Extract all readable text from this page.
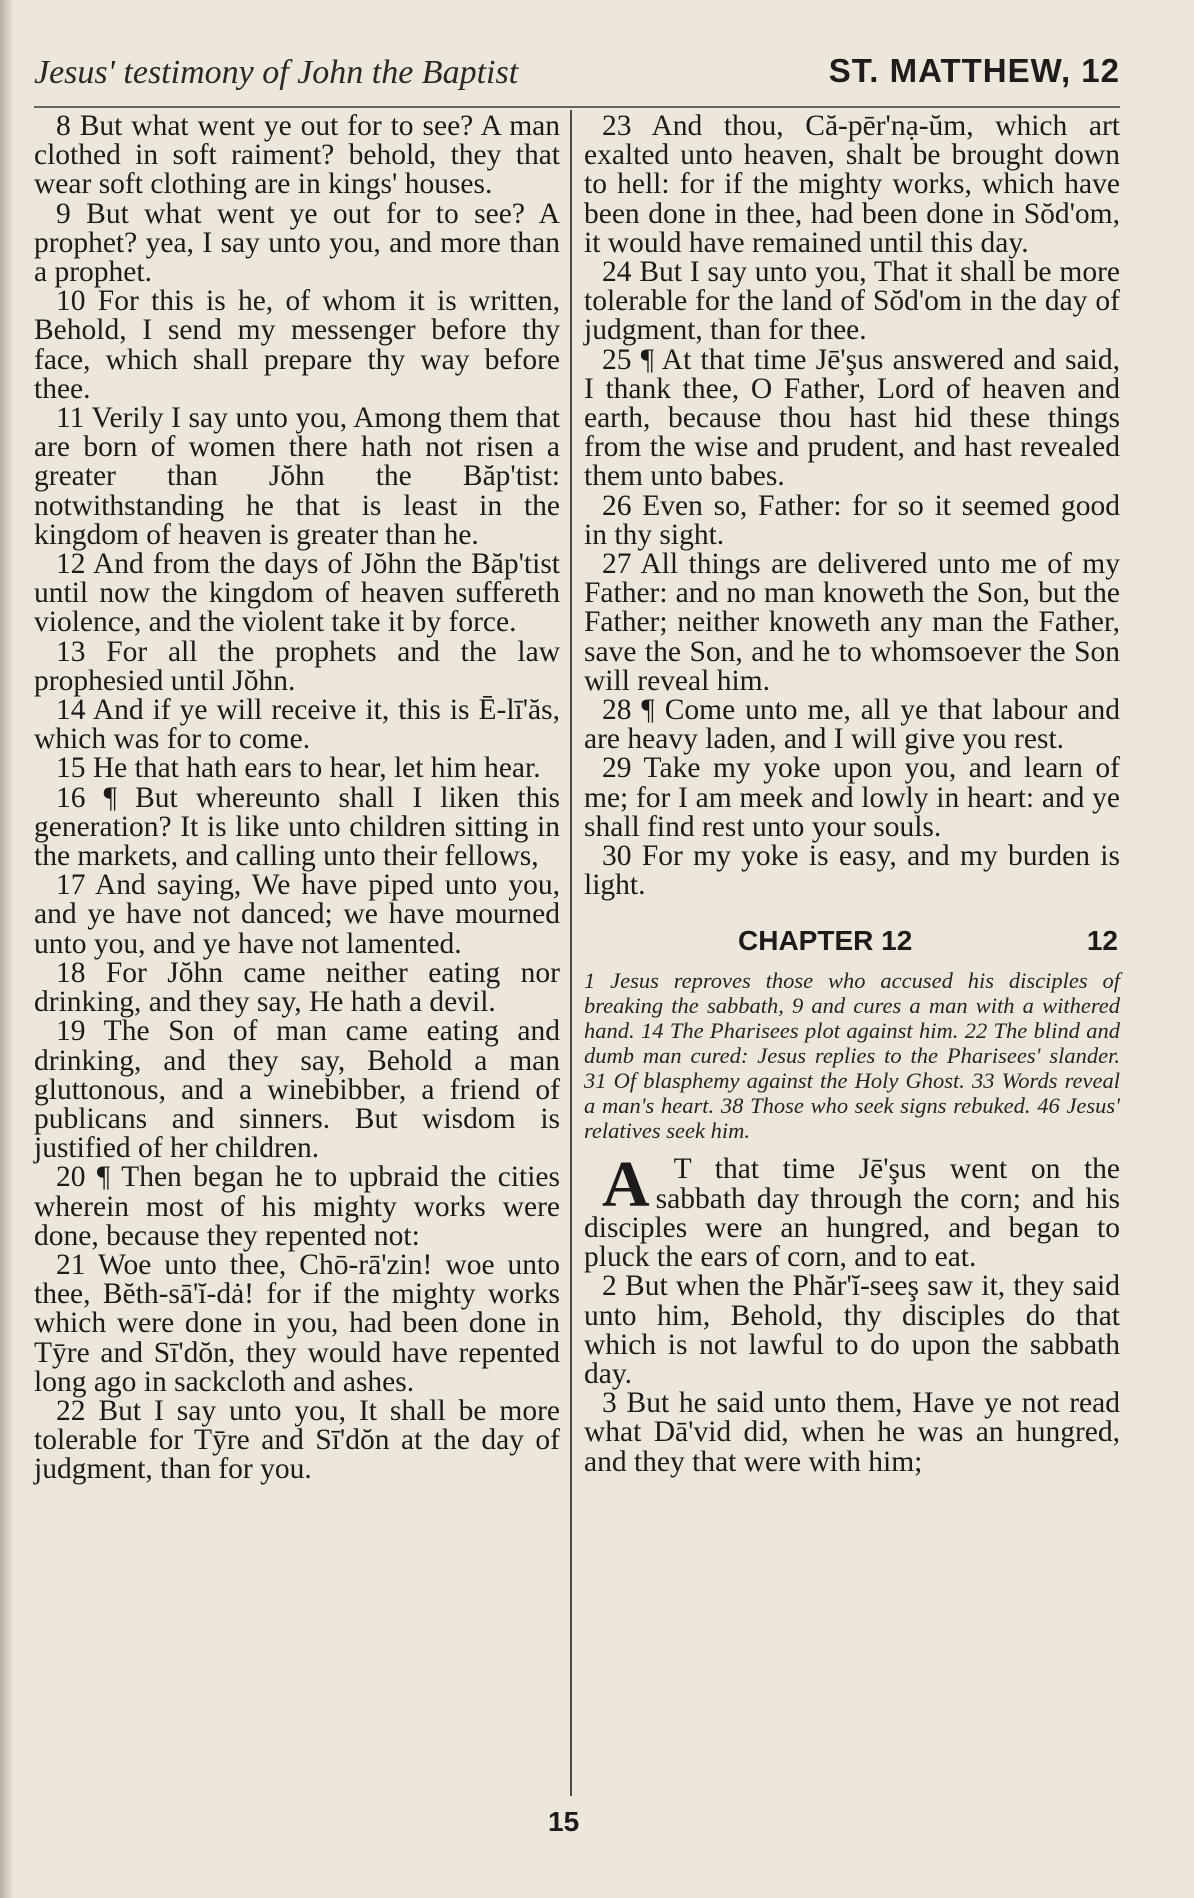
Jesus' testimony of John the Baptist	ST. MATTHEW, 12

8 But what went ye out for to see? A man clothed in soft raiment? behold, they that wear soft clothing are in kings' houses.

9 But what went ye out for to see? A prophet? yea, I say unto you, and more than a prophet.

10 For this is he, of whom it is written, Behold, I send my messenger before thy face, which shall prepare thy way before thee.

11 Verily I say unto you, Among them that are born of women there hath not risen a greater than Jŏhn the Băp'tist: notwithstanding he that is least in the kingdom of heaven is greater than he.

12 And from the days of Jŏhn the Băp'tist until now the kingdom of heaven suffereth violence, and the violent take it by force.

13 For all the prophets and the law prophesied until Jŏhn.

14 And if ye will receive it, this is Ē-lī'ăs, which was for to come.

15 He that hath ears to hear, let him hear.

16 ¶ But whereunto shall I liken this generation? It is like unto children sitting in the markets, and calling unto their fellows,

17 And saying, We have piped unto you, and ye have not danced; we have mourned unto you, and ye have not lamented.

18 For Jŏhn came neither eating nor drinking, and they say, He hath a devil.

19 The Son of man came eating and drinking, and they say, Behold a man gluttonous, and a winebibber, a friend of publicans and sinners. But wisdom is justified of her children.

20 ¶ Then began he to upbraid the cities wherein most of his mighty works were done, because they repented not:

21 Woe unto thee, Chō-rā'zin! woe unto thee, Bĕth-sā'ĭ-dȧ! for if the mighty works which were done in you, had been done in Tȳre and Sī'dŏn, they would have repented long ago in sackcloth and ashes.

22 But I say unto you, It shall be more tolerable for Tȳre and Sī'dŏn at the day of judgment, than for you.

23 And thou, Că-pēr'nạ-ŭm, which art exalted unto heaven, shalt be brought down to hell: for if the mighty works, which have been done in thee, had been done in Sŏd'om, it would have remained until this day.

24 But I say unto you, That it shall be more tolerable for the land of Sŏd'om in the day of judgment, than for thee.

25 ¶ At that time Jē'şus answered and said, I thank thee, O Father, Lord of heaven and earth, because thou hast hid these things from the wise and prudent, and hast revealed them unto babes.

26 Even so, Father: for so it seemed good in thy sight.

27 All things are delivered unto me of my Father: and no man knoweth the Son, but the Father; neither knoweth any man the Father, save the Son, and he to whomsoever the Son will reveal him.

28 ¶ Come unto me, all ye that labour and are heavy laden, and I will give you rest.

29 Take my yoke upon you, and learn of me; for I am meek and lowly in heart: and ye shall find rest unto your souls.

30 For my yoke is easy, and my burden is light.

CHAPTER 12	12

1 Jesus reproves those who accused his disciples of breaking the sabbath, 9 and cures a man with a withered hand. 14 The Pharisees plot against him. 22 The blind and dumb man cured: Jesus replies to the Pharisees' slander. 31 Of blasphemy against the Holy Ghost. 33 Words reveal a man's heart. 38 Those who seek signs rebuked. 46 Jesus' relatives seek him.

A T that time Jē'şus went on the sabbath day through the corn; and his disciples were an hungred, and began to pluck the ears of corn, and to eat.

2 But when the Phăr'ĭ-seeş saw it, they said unto him, Behold, thy disciples do that which is not lawful to do upon the sabbath day.

3 But he said unto them, Have ye not read what Dā'vid did, when he was an hungred, and they that were with him;

15
